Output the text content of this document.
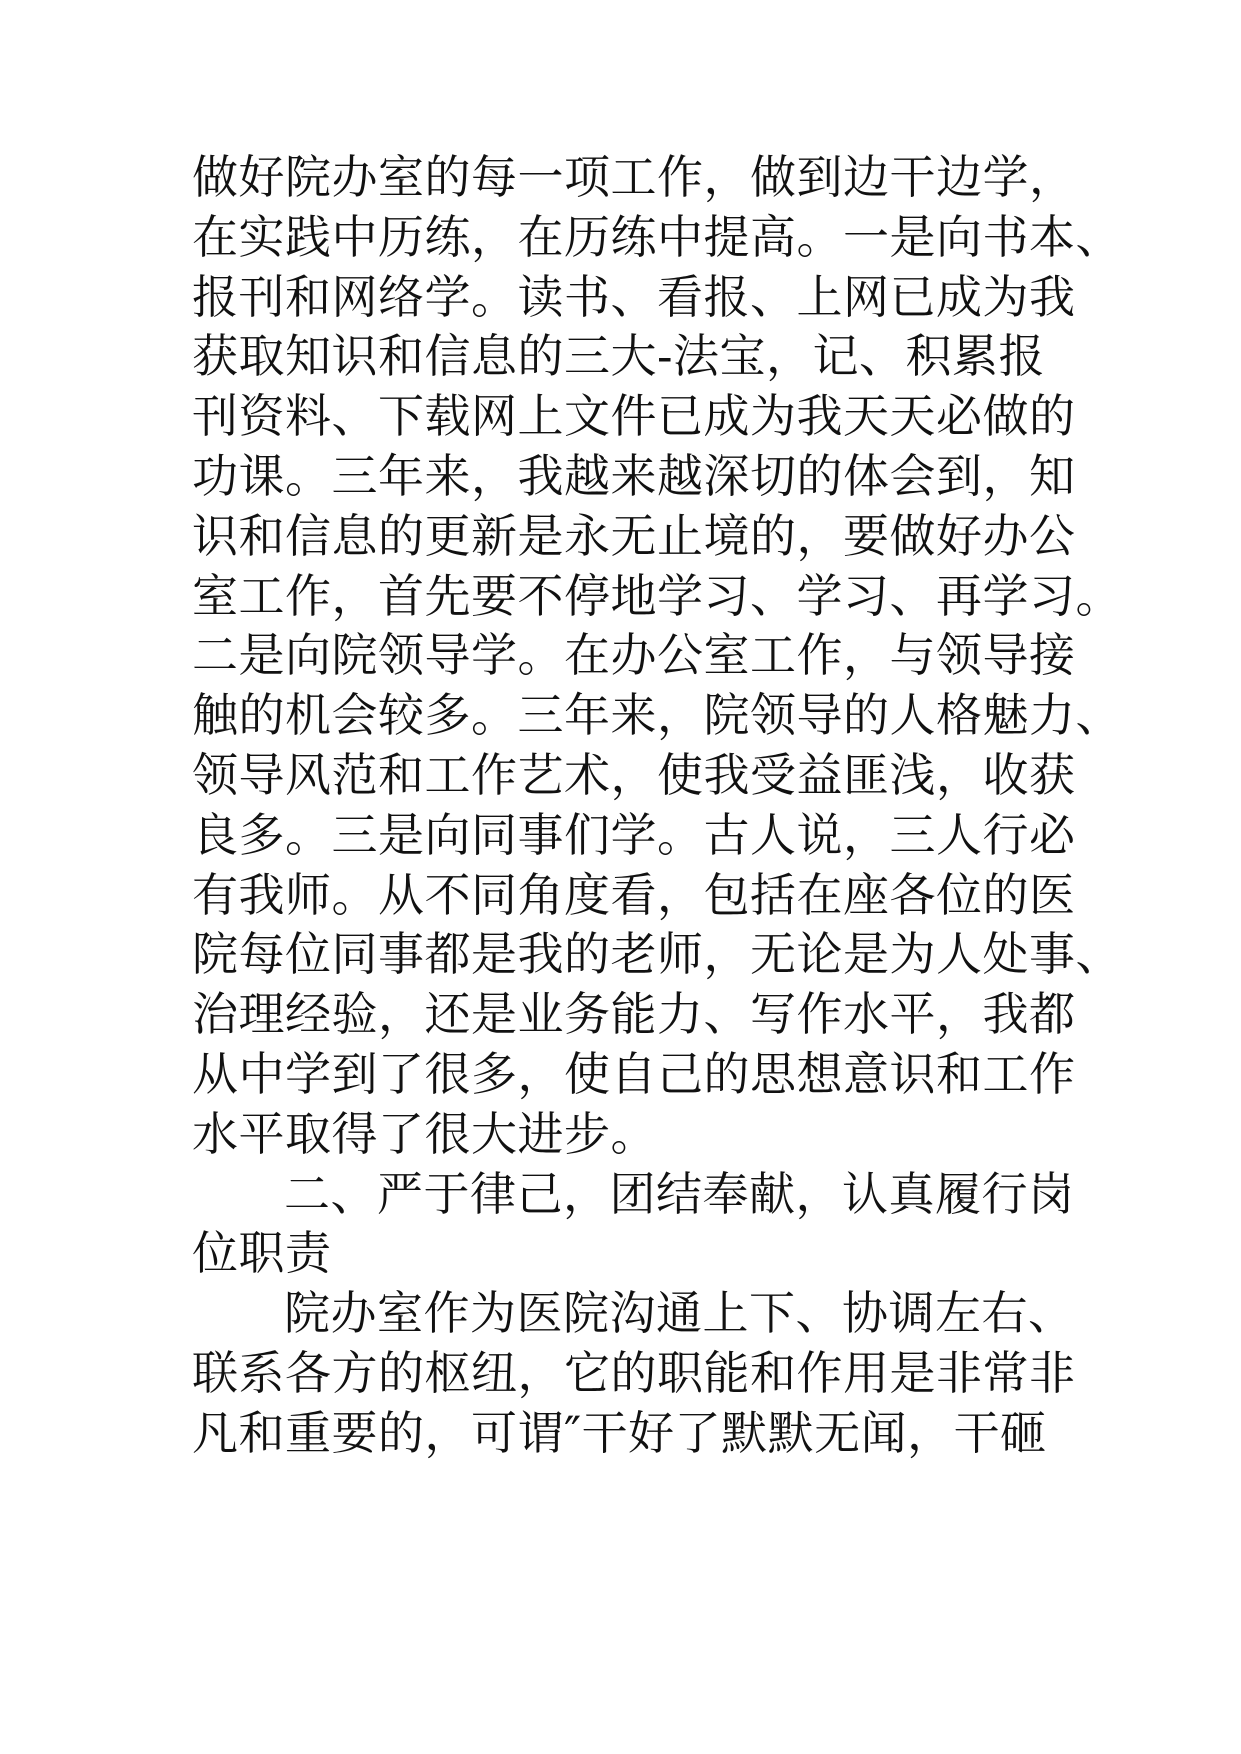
做好院办室的每一项工作，做到边干边学，
在实践中历练，在历练中提高。一是向书本、
报刊和网络学。读书、看报、上网已成为我
获取知识和信息的三大-法宝，记、积累报
刊资料、下载网上文件已成为我天天必做的
功课。三年来，我越来越深切的体会到，知
识和信息的更新是永无止境的，要做好办公
室工作，首先要不停地学习、学习、再学习。
二是向院领导学。在办公室工作，与领导接
触的机会较多。三年来，院领导的人格魅力、
领导风范和工作艺术，使我受益匪浅，收获
良多。三是向同事们学。古人说，三人行必
有我师。从不同角度看，包括在座各位的医
院每位同事都是我的老师，无论是为人处事、
治理经验，还是业务能力、写作水平，我都
从中学到了很多，使自己的思想意识和工作
水平取得了很大进步。
二、严于律己，团结奉献，认真履行岗
位职责
院办室作为医院沟通上下、协调左右、
联系各方的枢纽，它的职能和作用是非常非
凡和重要的，可谓″干好了默默无闻，干砸
